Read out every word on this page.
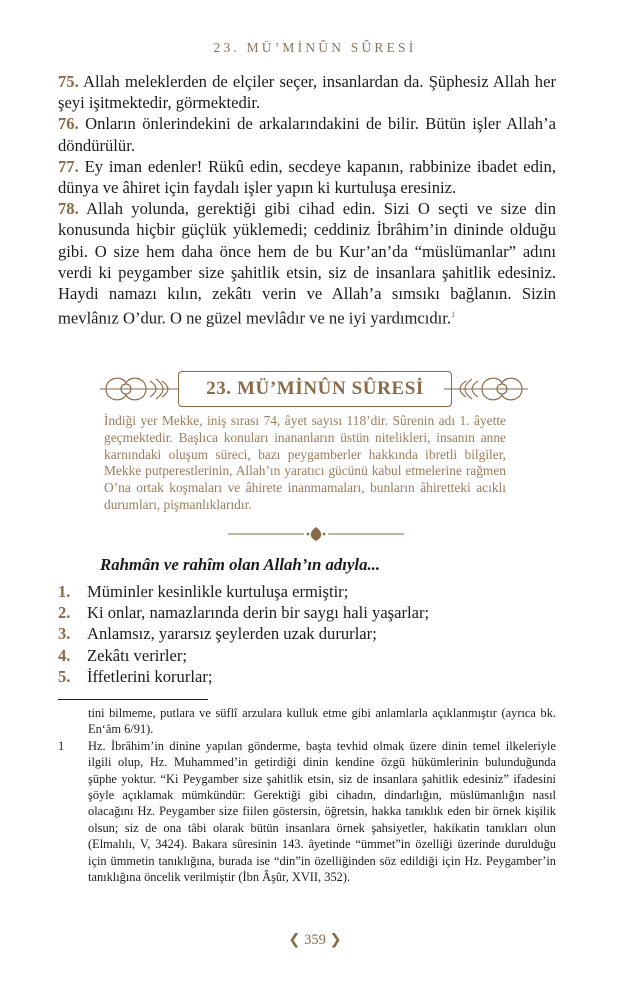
23. MÜ’MİNÛN SÛRESİ

75. Allah meleklerden de elçiler seçer, insanlardan da. Şüphesiz Allah her şeyi işitmektedir, görmektedir.

76. Onların önlerindekini de arkalarındakini de bilir. Bütün işler Allah’a döndürülür.

77. Ey iman edenler! Rükû edin, secdeye kapanın, rabbinize ibadet edin, dünya ve âhiret için faydalı işler yapın ki kurtuluşa eresiniz.

78. Allah yolunda, gerektiği gibi cihad edin. Sizi O seçti ve size din konusunda hiçbir güçlük yüklemedi; ceddiniz İbrâhim’in dininde olduğu gibi. O size hem daha önce hem de bu Kur’an’da “müslümanlar” adını verdi ki peygamber size şahitlik etsin, siz de insanlara şahitlik edesiniz. Haydi namazı kılın, zekâtı verin ve Allah’a sımsıkı bağlanın. Sizin mevlânız O’dur. O ne güzel mevlâdır ve ne iyi yardımcıdır.$^1$

23. MÜ’MİNÛN SÛRESİ
İndiği yer Mekke, iniş sırası 74, âyet sayısı 118’dir. Sûrenin adı 1. âyette geçmektedir. Başlıca konuları inananların üstün nitelikleri, insanın anne karnındaki oluşum süreci, bazı peygamberler hakkında ibretli bilgiler, Mekke putperestlerinin, Allah’ın yaratıcı gücünü kabul etmelerine rağmen O’na ortak koşmaları ve âhirete inanmamaları, bunların âhiretteki acıklı durumları, pişmanlıklarıdır.
Rahmân ve rahîm olan Allah’ın adıyla...
1. Müminler kesinlikle kurtuluşa ermiştir;
2. Ki onlar, namazlarında derin bir saygı hali yaşarlar;
3. Anlamsız, yararsız şeylerden uzak dururlar;
4. Zekâtı verirler;
5. İffetlerini korurlar;
tini bilmeme, putlara ve süflî arzulara kulluk etme gibi anlamlarla açıklanmıştır (ayrıca bk. En‘âm 6/91).
1	Hz. İbrâhim’in dinine yapılan gönderme, başta tevhid olmak üzere dinin temel ilkeleriyle ilgili olup, Hz. Muhammed’in getirdiği dinin kendine özgü hükümlerinin bulunduğunda şüphe yoktur. “Ki Peygamber size şahitlik etsin, siz de insanlara şahitlik edesiniz” ifadesini şöyle açıklamak mümkündür: Gerektiği gibi cihadın, dindarlığın, müslümanlığın nasıl olacağını Hz. Peygamber size fiilen göstersin, öğretsin, hakka tanıklık eden bir örnek kişilik olsun; siz de ona tâbi olarak bütün insanlara örnek şahsiyetler, hakikatin tanıkları olun (Elmalılı, V, 3424). Bakara sûresinin 143. âyetinde “ümmet”in özelliği üzerinde durulduğu için ümmetin tanıklığına, burada ise “din”in özelliğinden söz edildiği için Hz. Peygamber’in tanıklığına öncelik verilmiştir (İbn Âşûr, XVII, 352).
❮ 359 ❯
